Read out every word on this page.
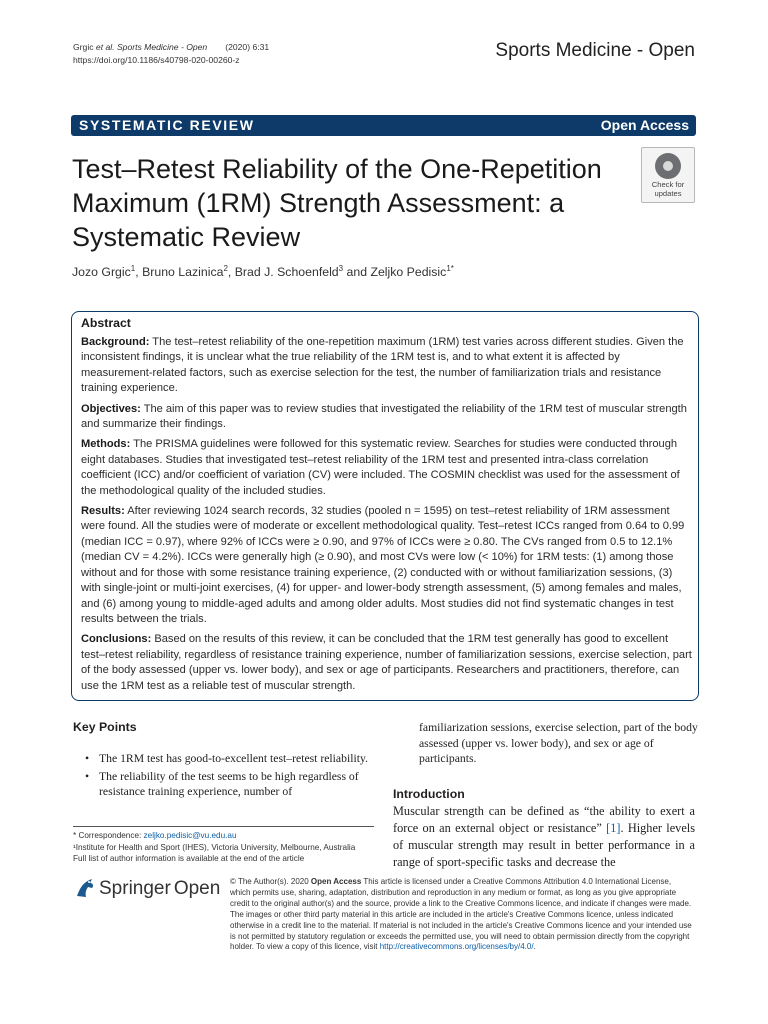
Grgic et al. Sports Medicine - Open (2020) 6:31
https://doi.org/10.1186/s40798-020-00260-z	Sports Medicine - Open
SYSTEMATIC REVIEW	Open Access
Test–Retest Reliability of the One-Repetition Maximum (1RM) Strength Assessment: a Systematic Review
Check for
updates
Jozo Grgic$^1$, Bruno Lazinica$^2$, Brad J. Schoenfeld$^3$ and Zeljko Pedisic$^{1*}$
Abstract

Background: The test–retest reliability of the one-repetition maximum (1RM) test varies across different studies. Given the inconsistent findings, it is unclear what the true reliability of the 1RM test is, and to what extent it is affected by measurement-related factors, such as exercise selection for the test, the number of familiarization trials and resistance training experience.

Objectives: The aim of this paper was to review studies that investigated the reliability of the 1RM test of muscular strength and summarize their findings.

Methods: The PRISMA guidelines were followed for this systematic review. Searches for studies were conducted through eight databases. Studies that investigated test–retest reliability of the 1RM test and presented intra-class correlation coefficient (ICC) and/or coefficient of variation (CV) were included. The COSMIN checklist was used for the assessment of the methodological quality of the included studies.

Results: After reviewing 1024 search records, 32 studies (pooled n = 1595) on test–retest reliability of 1RM assessment were found. All the studies were of moderate or excellent methodological quality. Test–retest ICCs ranged from 0.64 to 0.99 (median ICC = 0.97), where 92% of ICCs were ≥ 0.90, and 97% of ICCs were ≥ 0.80. The CVs ranged from 0.5 to 12.1% (median CV = 4.2%). ICCs were generally high (≥ 0.90), and most CVs were low (< 10%) for 1RM tests: (1) among those without and for those with some resistance training experience, (2) conducted with or without familiarization sessions, (3) with single-joint or multi-joint exercises, (4) for upper- and lower-body strength assessment, (5) among females and males, and (6) among young to middle-aged adults and among older adults. Most studies did not find systematic changes in test results between the trials.

Conclusions: Based on the results of this review, it can be concluded that the 1RM test generally has good to excellent test–retest reliability, regardless of resistance training experience, number of familiarization sessions, exercise selection, part of the body assessed (upper vs. lower body), and sex or age of participants. Researchers and practitioners, therefore, can use the 1RM test as a reliable test of muscular strength.

Key Points
• The 1RM test has good-to-excellent test–retest reliability.
• The reliability of the test seems to be high regardless of resistance training experience, number of
familiarization sessions, exercise selection, part of the body assessed (upper vs. lower body), and sex or age of participants.
Introduction
Muscular strength can be defined as “the ability to exert a force on an external object or resistance” [1]. Higher levels of muscular strength may result in better performance in a range of sport-specific tasks and decrease the
* Correspondence: zeljko.pedisic@vu.edu.au
¹Institute for Health and Sport (IHES), Victoria University, Melbourne, Australia
Full list of author information is available at the end of the article
Springer Open © The Author(s). 2020 Open Access This article is licensed under a Creative Commons Attribution 4.0 International License, which permits use, sharing, adaptation, distribution and reproduction in any medium or format, as long as you give appropriate credit to the original author(s) and the source, provide a link to the Creative Commons licence, and indicate if changes were made. The images or other third party material in this article are included in the article's Creative Commons licence, unless indicated otherwise in a credit line to the material. If material is not included in the article's Creative Commons licence and your intended use is not permitted by statutory regulation or exceeds the permitted use, you will need to obtain permission directly from the copyright holder. To view a copy of this licence, visit http://creativecommons.org/licenses/by/4.0/.
